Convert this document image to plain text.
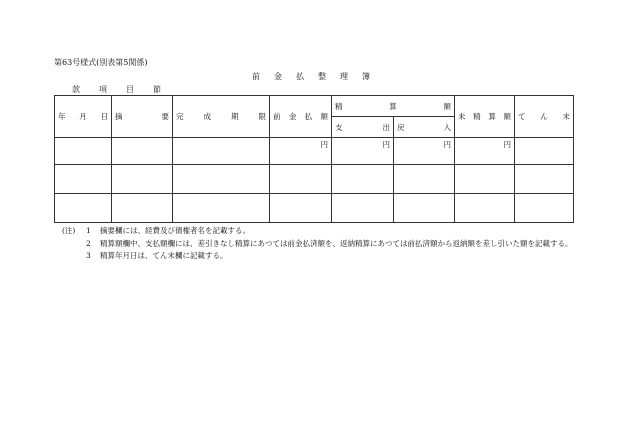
第63号様式(別表第5関係)
前金払整理簿
款項目節
年 月 日	摘 要	完 成 期 限	前 金 払 額	精 算 額		未 精 算 額	て ん 末

				支 出	戻 入		

			円	円	円	円	

(注)	1	摘要欄には、経費及び債権者名を記載する。
2	精算額欄中、支払額欄には、差引きなし精算にあつては前金払済額を、返納精算にあつては前払済額から返納額を差し引いた額を記載する。
3	精算年月日は、てん末欄に記載する。
